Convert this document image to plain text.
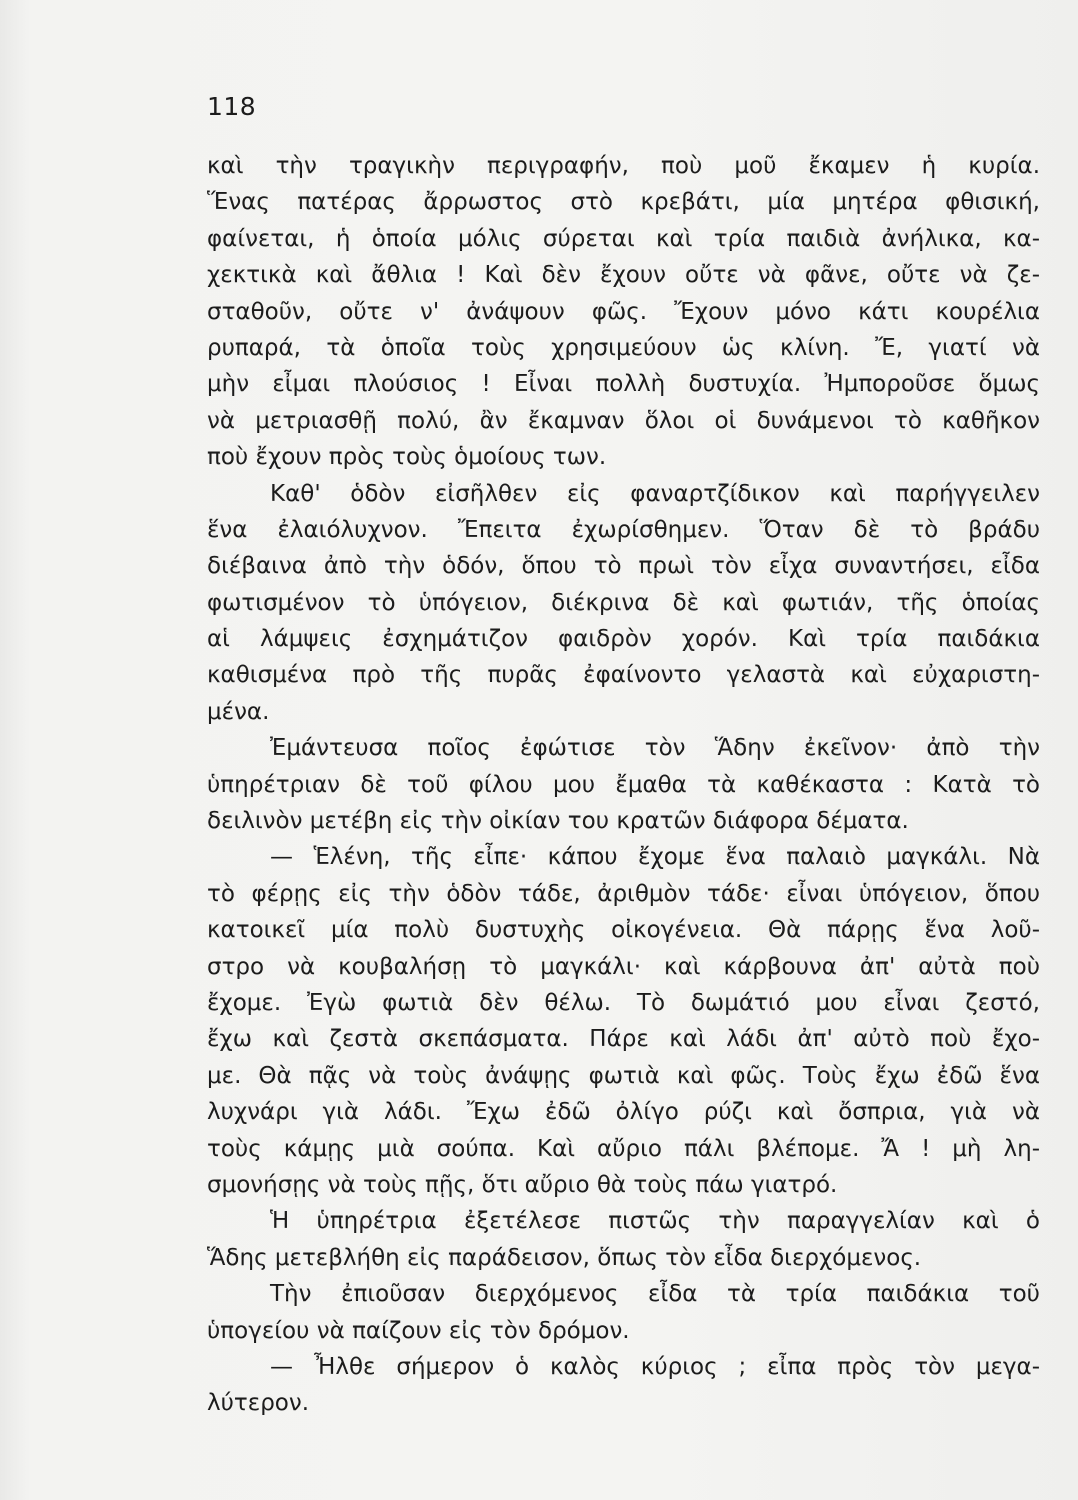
118
καὶ τὴν τραγικὴν περιγραφήν, ποὺ μοῦ ἔκαμεν ἡ κυρία.
Ἕνας πατέρας ἄρρωστος στὸ κρεβάτι, μία μητέρα φθισική,
φαίνεται, ἡ ὁποία μόλις σύρεται καὶ τρία παιδιὰ ἀνήλικα, κα-
χεκτικὰ καὶ ἄθλια ! Καὶ δὲν ἔχουν οὔτε νὰ φᾶνε, οὔτε νὰ ζε-
σταθοῦν, οὔτε ν' ἀνάψουν φῶς. Ἔχουν μόνο κάτι κουρέλια
ρυπαρά, τὰ ὁποῖα τοὺς χρησιμεύουν ὡς κλίνη. Ἔ, γιατί νὰ
μὴν εἶμαι πλούσιος ! Εἶναι πολλὴ δυστυχία. Ἠμποροῦσε ὅμως
νὰ μετριασθῇ πολύ, ἂν ἔκαμναν ὅλοι οἱ δυνάμενοι τὸ καθῆκον
ποὺ ἔχουν πρὸς τοὺς ὁμοίους των.
Καθ' ὁδὸν εἰσῆλθεν εἰς φαναρτζίδικον καὶ παρήγγειλεν
ἕνα ἐλαιόλυχνον. Ἔπειτα ἐχωρίσθημεν. Ὅταν δὲ τὸ βράδυ
διέβαινα ἀπὸ τὴν ὁδόν, ὅπου τὸ πρωὶ τὸν εἶχα συναντήσει, εἶδα
φωτισμένον τὸ ὑπόγειον, διέκρινα δὲ καὶ φωτιάν, τῆς ὁποίας
αἱ λάμψεις ἐσχημάτιζον φαιδρὸν χορόν. Καὶ τρία παιδάκια
καθισμένα πρὸ τῆς πυρᾶς ἐφαίνοντο γελαστὰ καὶ εὐχαριστη-
μένα.
Ἐμάντευσα ποῖος ἐφώτισε τὸν Ἅδην ἐκεῖνον· ἀπὸ τὴν
ὑπηρέτριαν δὲ τοῦ φίλου μου ἔμαθα τὰ καθέκαστα : Κατὰ τὸ
δειλινὸν μετέβη εἰς τὴν οἰκίαν του κρατῶν διάφορα δέματα.
— Ἑλένη, τῆς εἶπε· κάπου ἔχομε ἕνα παλαιὸ μαγκάλι. Νὰ
τὸ φέρῃς εἰς τὴν ὁδὸν τάδε, ἀριθμὸν τάδε· εἶναι ὑπόγειον, ὅπου
κατοικεῖ μία πολὺ δυστυχὴς οἰκογένεια. Θὰ πάρῃς ἕνα λοῦ-
στρο νὰ κουβαλήσῃ τὸ μαγκάλι· καὶ κάρβουνα ἀπ' αὐτὰ ποὺ
ἔχομε. Ἐγὼ φωτιὰ δὲν θέλω. Τὸ δωμάτιό μου εἶναι ζεστό,
ἔχω καὶ ζεστὰ σκεπάσματα. Πάρε καὶ λάδι ἀπ' αὐτὸ ποὺ ἔχο-
με. Θὰ πᾷς νὰ τοὺς ἀνάψῃς φωτιὰ καὶ φῶς. Τοὺς ἔχω ἐδῶ ἕνα
λυχνάρι γιὰ λάδι. Ἔχω ἐδῶ ὀλίγο ρύζι καὶ ὄσπρια, γιὰ νὰ
τοὺς κάμῃς μιὰ σούπα. Καὶ αὔριο πάλι βλέπομε. Ἄ ! μὴ λη-
σμονήσῃς νὰ τοὺς πῇς, ὅτι αὔριο θὰ τοὺς πάω γιατρό.
Ἡ ὑπηρέτρια ἐξετέλεσε πιστῶς τὴν παραγγελίαν καὶ ὁ
Ἅδης μετεβλήθη εἰς παράδεισον, ὅπως τὸν εἶδα διερχόμενος.
Τὴν ἐπιοῦσαν διερχόμενος εἶδα τὰ τρία παιδάκια τοῦ
ὑπογείου νὰ παίζουν εἰς τὸν δρόμον.
— Ἦλθε σήμερον ὁ καλὸς κύριος ; εἶπα πρὸς τὸν μεγα-
λύτερον.
